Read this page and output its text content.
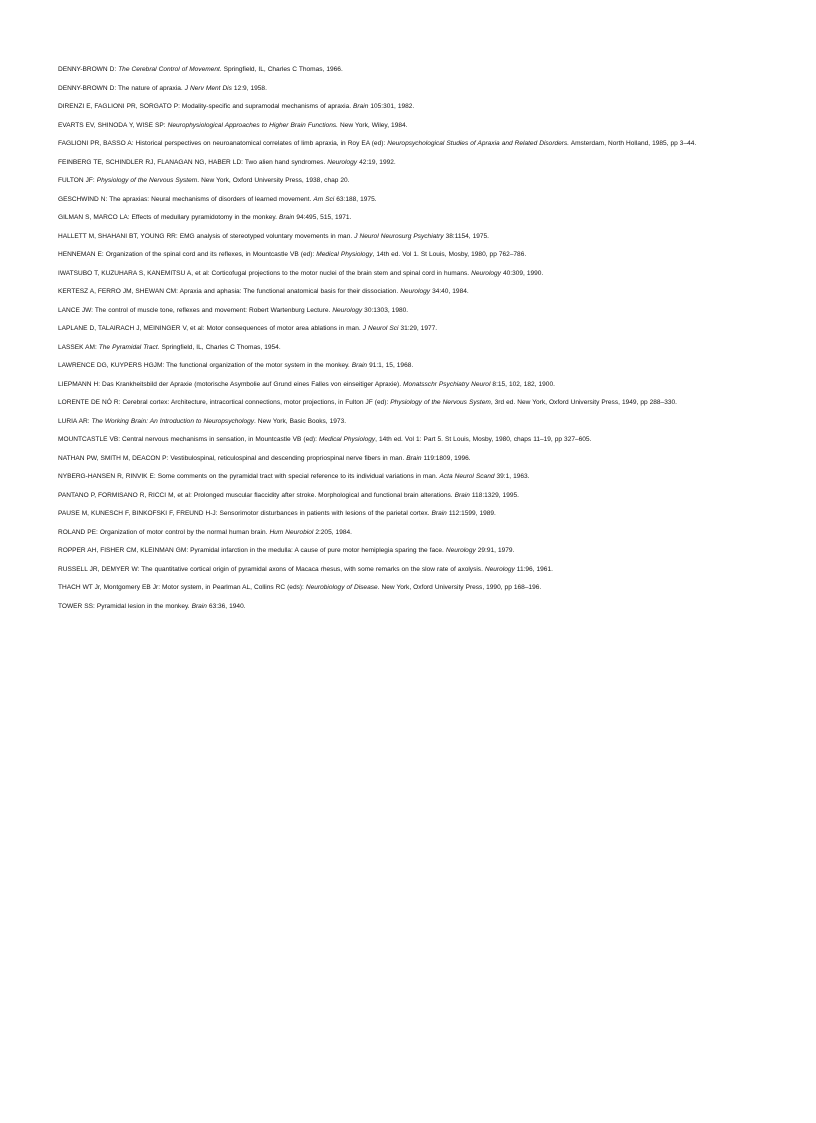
DENNY-BROWN D: The Cerebral Control of Movement. Springfield, IL, Charles C Thomas, 1966.

DENNY-BROWN D: The nature of apraxia. J Nerv Ment Dis 12:9, 1958.

DIRENZI E, FAGLIONI PR, SORGATO P: Modality-specific and supramodal mechanisms of apraxia. Brain 105:301, 1982.

EVARTS EV, SHINODA Y, WISE SP: Neurophysiological Approaches to Higher Brain Functions. New York, Wiley, 1984.

FAGLIONI PR, BASSO A: Historical perspectives on neuroanatomical correlates of limb apraxia, in Roy EA (ed): Neuropsychological Studies of Apraxia and Related Disorders. Amsterdam, North Holland, 1985, pp 3–44.

FEINBERG TE, SCHINDLER RJ, FLANAGAN NG, HABER LD: Two alien hand syndromes. Neurology 42:19, 1992.

FULTON JF: Physiology of the Nervous System. New York, Oxford University Press, 1938, chap 20.

GESCHWIND N: The apraxias: Neural mechanisms of disorders of learned movement. Am Sci 63:188, 1975.

GILMAN S, MARCO LA: Effects of medullary pyramidotomy in the monkey. Brain 94:495, 515, 1971.

HALLETT M, SHAHANI BT, YOUNG RR: EMG analysis of stereotyped voluntary movements in man. J Neurol Neurosurg Psychiatry 38:1154, 1975.

HENNEMAN E: Organization of the spinal cord and its reflexes, in Mountcastle VB (ed): Medical Physiology, 14th ed. Vol 1. St Louis, Mosby, 1980, pp 762–786.

IWATSUBO T, KUZUHARA S, KANEMITSU A, et al: Corticofugal projections to the motor nuclei of the brain stem and spinal cord in humans. Neurology 40:309, 1990.

KERTESZ A, FERRO JM, SHEWAN CM: Apraxia and aphasia: The functional anatomical basis for their dissociation. Neurology 34:40, 1984.

LANCE JW: The control of muscle tone, reflexes and movement: Robert Wartenburg Lecture. Neurology 30:1303, 1980.

LAPLANE D, TALAIRACH J, MEININGER V, et al: Motor consequences of motor area ablations in man. J Neurol Sci 31:29, 1977.

LASSEK AM: The Pyramidal Tract. Springfield, IL, Charles C Thomas, 1954.

LAWRENCE DG, KUYPERS HGJM: The functional organization of the motor system in the monkey. Brain 91:1, 15, 1968.

LIEPMANN H: Das Krankheitsbild der Apraxie (motorische Asymbolie auf Grund eines Falles von einseitiger Apraxie). Monatsschr Psychiatry Neurol 8:15, 102, 182, 1900.

LORENTE DE NÓ R: Cerebral cortex: Architecture, intracortical connections, motor projections, in Fulton JF (ed): Physiology of the Nervous System, 3rd ed. New York, Oxford University Press, 1949, pp 288–330.

LURIA AR: The Working Brain: An Introduction to Neuropsychology. New York, Basic Books, 1973.

MOUNTCASTLE VB: Central nervous mechanisms in sensation, in Mountcastle VB (ed): Medical Physiology, 14th ed. Vol 1: Part 5. St Louis, Mosby, 1980, chaps 11–19, pp 327–605.

NATHAN PW, SMITH M, DEACON P: Vestibulospinal, reticulospinal and descending propriospinal nerve fibers in man. Brain 119:1809, 1996.

NYBERG-HANSEN R, RINVIK E: Some comments on the pyramidal tract with special reference to its individual variations in man. Acta Neurol Scand 39:1, 1963.

PANTANO P, FORMISANO R, RICCI M, et al: Prolonged muscular flaccidity after stroke. Morphological and functional brain alterations. Brain 118:1329, 1995.

PAUSE M, KUNESCH F, BINKOFSKI F, FREUND H-J: Sensorimotor disturbances in patients with lesions of the parietal cortex. Brain 112:1599, 1989.

ROLAND PE: Organization of motor control by the normal human brain. Hum Neurobiol 2:205, 1984.

ROPPER AH, FISHER CM, KLEINMAN GM: Pyramidal infarction in the medulla: A cause of pure motor hemiplegia sparing the face. Neurology 29:91, 1979.

RUSSELL JR, DEMYER W: The quantitative cortical origin of pyramidal axons of Macaca rhesus, with some remarks on the slow rate of axolysis. Neurology 11:96, 1961.

THACH WT Jr, Montgomery EB Jr: Motor system, in Pearlman AL, Collins RC (eds): Neurobiology of Disease. New York, Oxford University Press, 1990, pp 168–196.

TOWER SS: Pyramidal lesion in the monkey. Brain 63:36, 1940.
